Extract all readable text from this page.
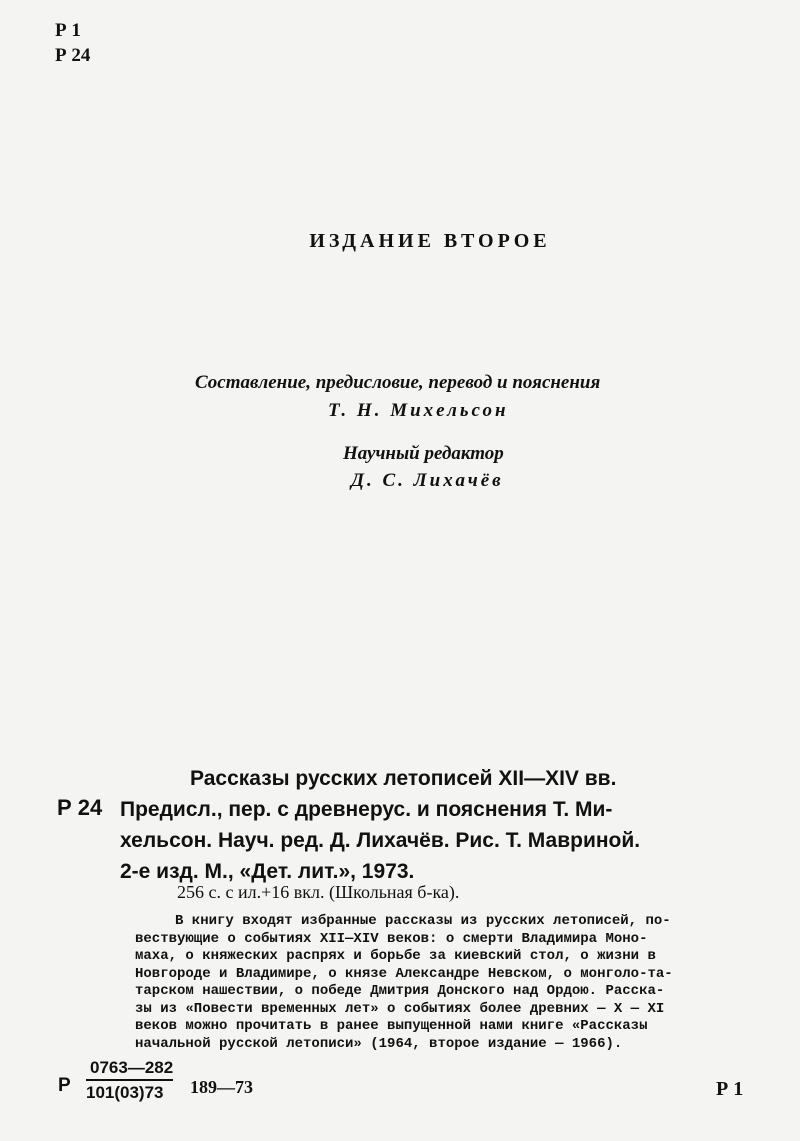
Р 1
Р 24
ИЗДАНИЕ ВТОРОЕ
Составление, предисловие, перевод и пояснения
Т. Н. Михельсон
Научный редактор
Д. С. Лихачёв
Р 24
Рассказы русских летописей XII—XIV вв.
Предисл., пер. с древнерус. и пояснения Т. Ми-
хельсон. Науч. ред. Д. Лихачёв. Рис. Т. Мавриной.
2-е изд. М., «Дет. лит.», 1973.
256 с. с ил.+16 вкл. (Школьная б-ка).
В книгу входят избранные рассказы из русских летописей, по-
вествующие о событиях XII—XIV веков: о смерти Владимира Моно-
маха, о княжеских распрях и борьбе за киевский стол, о жизни в
Новгороде и Владимире, о князе Александре Невском, о монголо-та-
тарском нашествии, о победе Дмитрия Донского над Ордою. Расска-
зы из «Повести временных лет» о событиях более древних — X — XI
веков можно прочитать в ранее выпущенной нами книге «Рассказы
начальной русской летописи» (1964, второе издание — 1966).
Р $\frac{0763—282}{101(03)73}$ 189—73	Р 1
